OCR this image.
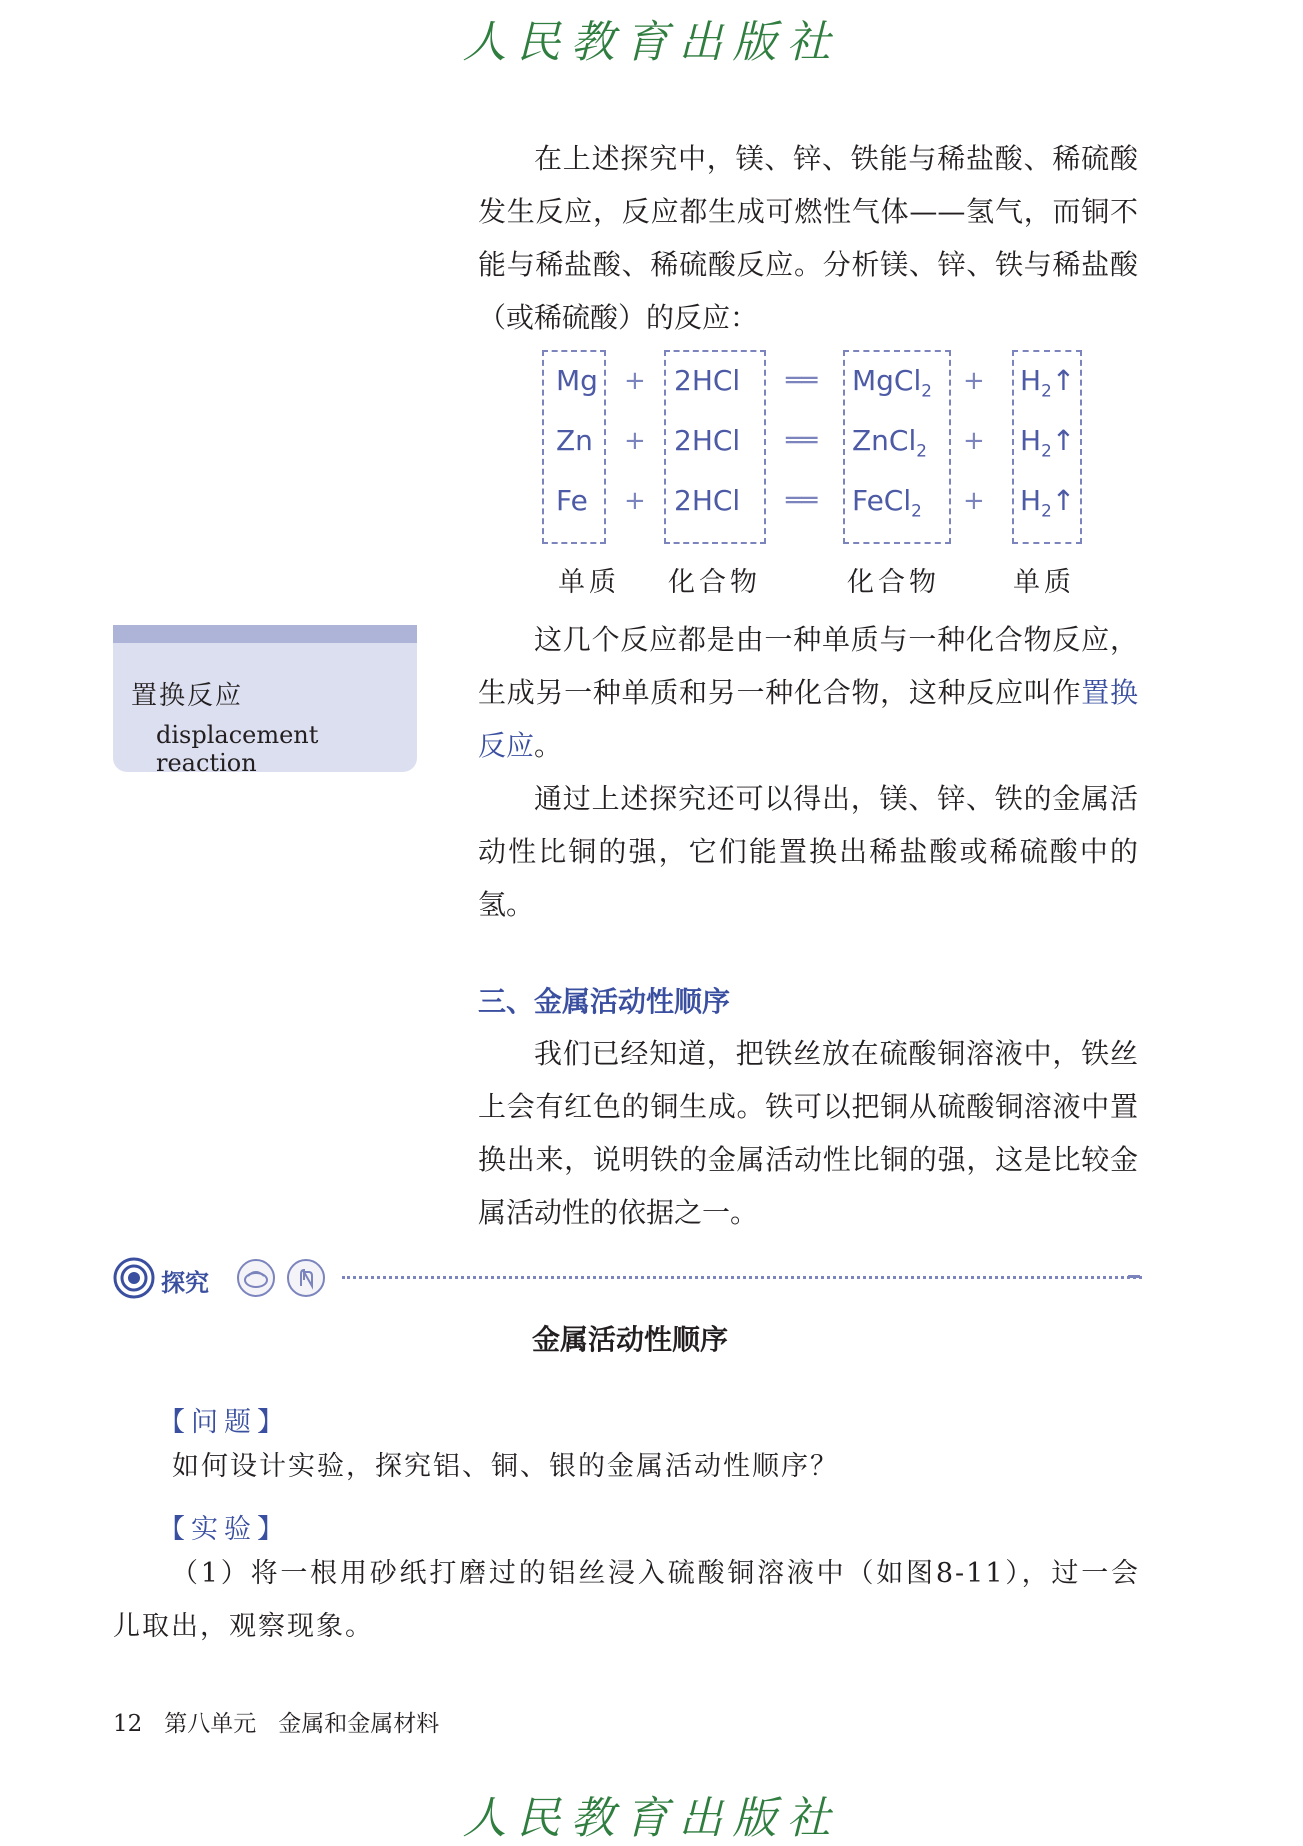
人民教育出版社

在上述探究中，镁、锌、铁能与稀盐酸、稀硫酸发生反应，反应都生成可燃性气体——氢气，而铜不能与稀盐酸、稀硫酸反应。分析镁、锌、铁与稀盐酸（或稀硫酸）的反应：

Mg + 2HCl ══ MgCl$_2$ + $H_2↑$
Zn + 2HCl ══ ZnCl$_2$ + $H_2↑$
Fe + 2HCl ══ FeCl$_2$ + $H_2↑$
单质 化合物	化合物	单质
置换反应
displacement reaction

这几个反应都是由一种单质与一种化合物反应，生成另一种单质和另一种化合物，这种反应叫作置换反应。

通过上述探究还可以得出，镁、锌、铁的金属活动性比铜的强，它们能置换出稀盐酸或稀硫酸中的氢。

三、金属活动性顺序

我们已经知道，把铁丝放在硫酸铜溶液中，铁丝上会有红色的铜生成。铁可以把铜从硫酸铜溶液中置换出来，说明铁的金属活动性比铜的强，这是比较金属活动性的依据之一。

探究
金属活动性顺序
【问题】

如何设计实验，探究铝、铜、银的金属活动性顺序？

【实验】

（1）将一根用砂纸打磨过的铝丝浸入硫酸铜溶液中（如图8-11），过一会儿取出，观察现象。

12 第八单元 金属和金属材料
人民教育出版社
